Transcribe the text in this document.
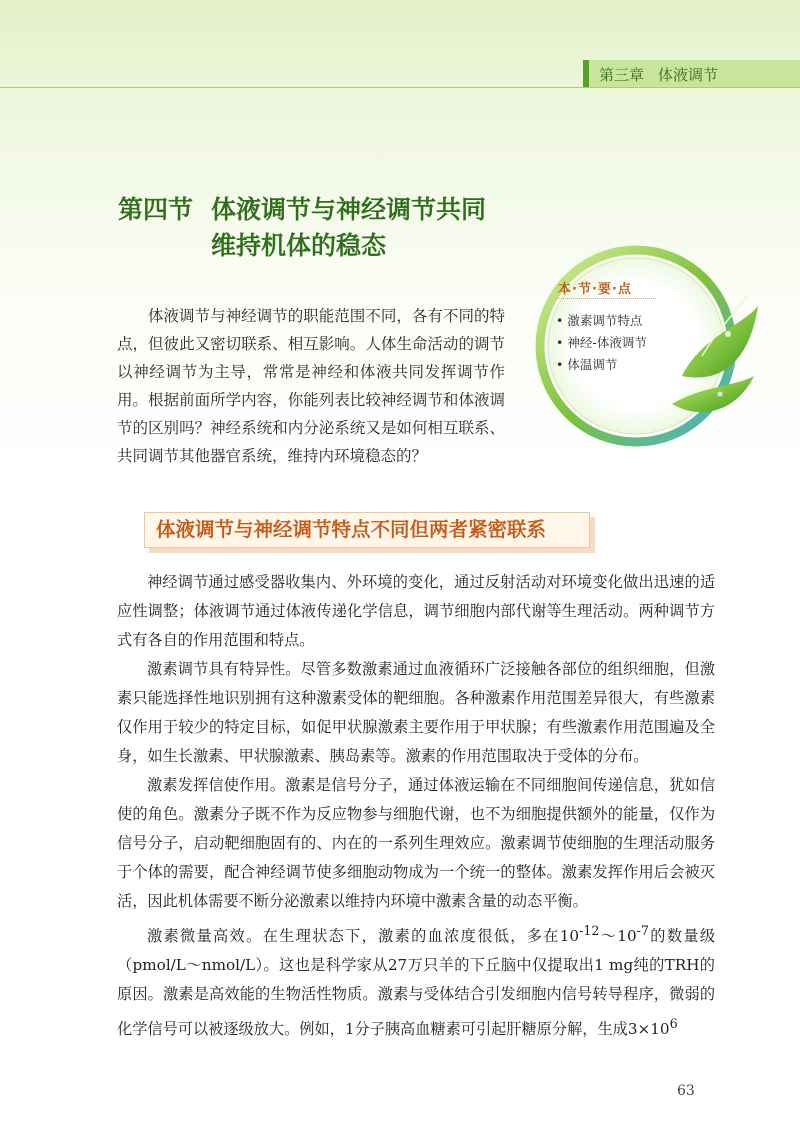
第三章 体液调节
第四节 体液调节与神经调节共同
维持机体的稳态
本·节·要·点
• 激素调节特点
• 神经-体液调节
• 体温调节

体液调节与神经调节的职能范围不同，各有不同的特点，但彼此又密切联系、相互影响。人体生命活动的调节以神经调节为主导，常常是神经和体液共同发挥调节作用。根据前面所学内容，你能列表比较神经调节和体液调节的区别吗？神经系统和内分泌系统又是如何相互联系、共同调节其他器官系统，维持内环境稳态的？

体液调节与神经调节特点不同但两者紧密联系

神经调节通过感受器收集内、外环境的变化，通过反射活动对环境变化做出迅速的适应性调整；体液调节通过体液传递化学信息，调节细胞内部代谢等生理活动。两种调节方式有各自的作用范围和特点。

激素调节具有特异性。尽管多数激素通过血液循环广泛接触各部位的组织细胞，但激素只能选择性地识别拥有这种激素受体的靶细胞。各种激素作用范围差异很大，有些激素仅作用于较少的特定目标，如促甲状腺激素主要作用于甲状腺；有些激素作用范围遍及全身，如生长激素、甲状腺激素、胰岛素等。激素的作用范围取决于受体的分布。

激素发挥信使作用。激素是信号分子，通过体液运输在不同细胞间传递信息，犹如信使的角色。激素分子既不作为反应物参与细胞代谢，也不为细胞提供额外的能量，仅作为信号分子，启动靶细胞固有的、内在的一系列生理效应。激素调节使细胞的生理活动服务于个体的需要，配合神经调节使多细胞动物成为一个统一的整体。激素发挥作用后会被灭活，因此机体需要不断分泌激素以维持内环境中激素含量的动态平衡。

激素微量高效。在生理状态下，激素的血浓度很低，多在$10^{-12}\sim 10^{-7}$的数量级（pmol/L～nmol/L）。这也是科学家从27万只羊的下丘脑中仅提取出1 mg纯的TRH的原因。激素是高效能的生物活性物质。激素与受体结合引发细胞内信号转导程序，微弱的化学信号可以被逐级放大。例如，1分子胰高血糖素可引起肝糖原分解，生成$3\times 10^6$

63
